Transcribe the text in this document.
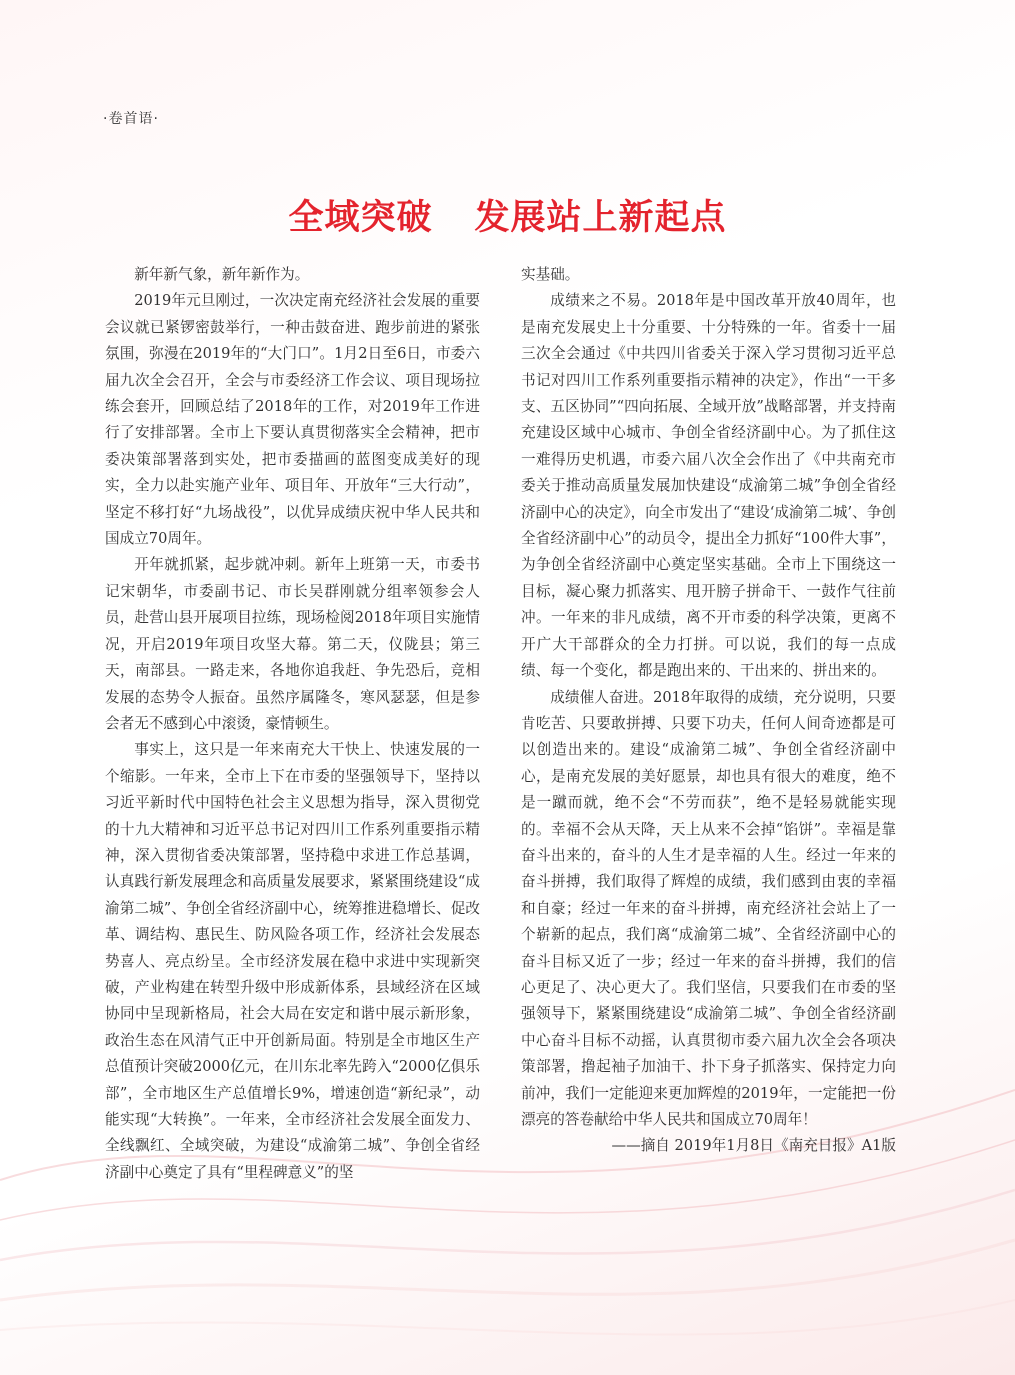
·卷首语·
全域突破 发展站上新起点

新年新气象，新年新作为。

2019年元旦刚过，一次决定南充经济社会发展的重要会议就已紧锣密鼓举行，一种击鼓奋进、跑步前进的紧张氛围，弥漫在2019年的“大门口”。1月2日至6日，市委六届九次全会召开，全会与市委经济工作会议、项目现场拉练会套开，回顾总结了2018年的工作，对2019年工作进行了安排部署。全市上下要认真贯彻落实全会精神，把市委决策部署落到实处，把市委描画的蓝图变成美好的现实，全力以赴实施产业年、项目年、开放年“三大行动”，坚定不移打好“九场战役”，以优异成绩庆祝中华人民共和国成立70周年。

开年就抓紧，起步就冲刺。新年上班第一天，市委书记宋朝华，市委副书记、市长吴群刚就分组率领参会人员，赴营山县开展项目拉练，现场检阅2018年项目实施情况，开启2019年项目攻坚大幕。第二天，仪陇县；第三天，南部县。一路走来，各地你追我赶、争先恐后，竞相发展的态势令人振奋。虽然序属隆冬，寒风瑟瑟，但是参会者无不感到心中滚烫，豪情顿生。

事实上，这只是一年来南充大干快上、快速发展的一个缩影。一年来，全市上下在市委的坚强领导下，坚持以习近平新时代中国特色社会主义思想为指导，深入贯彻党的十九大精神和习近平总书记对四川工作系列重要指示精神，深入贯彻省委决策部署，坚持稳中求进工作总基调，认真践行新发展理念和高质量发展要求，紧紧围绕建设“成渝第二城”、争创全省经济副中心，统筹推进稳增长、促改革、调结构、惠民生、防风险各项工作，经济社会发展态势喜人、亮点纷呈。全市经济发展在稳中求进中实现新突破，产业构建在转型升级中形成新体系，县域经济在区域协同中呈现新格局，社会大局在安定和谐中展示新形象，政治生态在风清气正中开创新局面。特别是全市地区生产总值预计突破2000亿元，在川东北率先跨入“2000亿俱乐部”，全市地区生产总值增长9%，增速创造“新纪录”，动能实现“大转换”。一年来，全市经济社会发展全面发力、全线飘红、全域突破，为建设“成渝第二城”、争创全省经济副中心奠定了具有“里程碑意义”的坚

实基础。

成绩来之不易。2018年是中国改革开放40周年，也是南充发展史上十分重要、十分特殊的一年。省委十一届三次全会通过《中共四川省委关于深入学习贯彻习近平总书记对四川工作系列重要指示精神的决定》，作出“一干多支、五区协同”“四向拓展、全域开放”战略部署，并支持南充建设区域中心城市、争创全省经济副中心。为了抓住这一难得历史机遇，市委六届八次全会作出了《中共南充市委关于推动高质量发展加快建设“成渝第二城”争创全省经济副中心的决定》，向全市发出了“建设‘成渝第二城’、争创全省经济副中心”的动员令，提出全力抓好“100件大事”，为争创全省经济副中心奠定坚实基础。全市上下围绕这一目标，凝心聚力抓落实、甩开膀子拼命干、一鼓作气往前冲。一年来的非凡成绩，离不开市委的科学决策，更离不开广大干部群众的全力打拼。可以说，我们的每一点成绩、每一个变化，都是跑出来的、干出来的、拼出来的。

成绩催人奋进。2018年取得的成绩，充分说明，只要肯吃苦、只要敢拼搏、只要下功夫，任何人间奇迹都是可以创造出来的。建设“成渝第二城”、争创全省经济副中心，是南充发展的美好愿景，却也具有很大的难度，绝不是一蹴而就，绝不会“不劳而获”，绝不是轻易就能实现的。幸福不会从天降，天上从来不会掉“馅饼”。幸福是靠奋斗出来的，奋斗的人生才是幸福的人生。经过一年来的奋斗拼搏，我们取得了辉煌的成绩，我们感到由衷的幸福和自豪；经过一年来的奋斗拼搏，南充经济社会站上了一个崭新的起点，我们离“成渝第二城”、全省经济副中心的奋斗目标又近了一步；经过一年来的奋斗拼搏，我们的信心更足了、决心更大了。我们坚信，只要我们在市委的坚强领导下，紧紧围绕建设“成渝第二城”、争创全省经济副中心奋斗目标不动摇，认真贯彻市委六届九次全会各项决策部署，撸起袖子加油干、扑下身子抓落实、保持定力向前冲，我们一定能迎来更加辉煌的2019年，一定能把一份漂亮的答卷献给中华人民共和国成立70周年！

——摘自 2019年1月8日《南充日报》A1版
